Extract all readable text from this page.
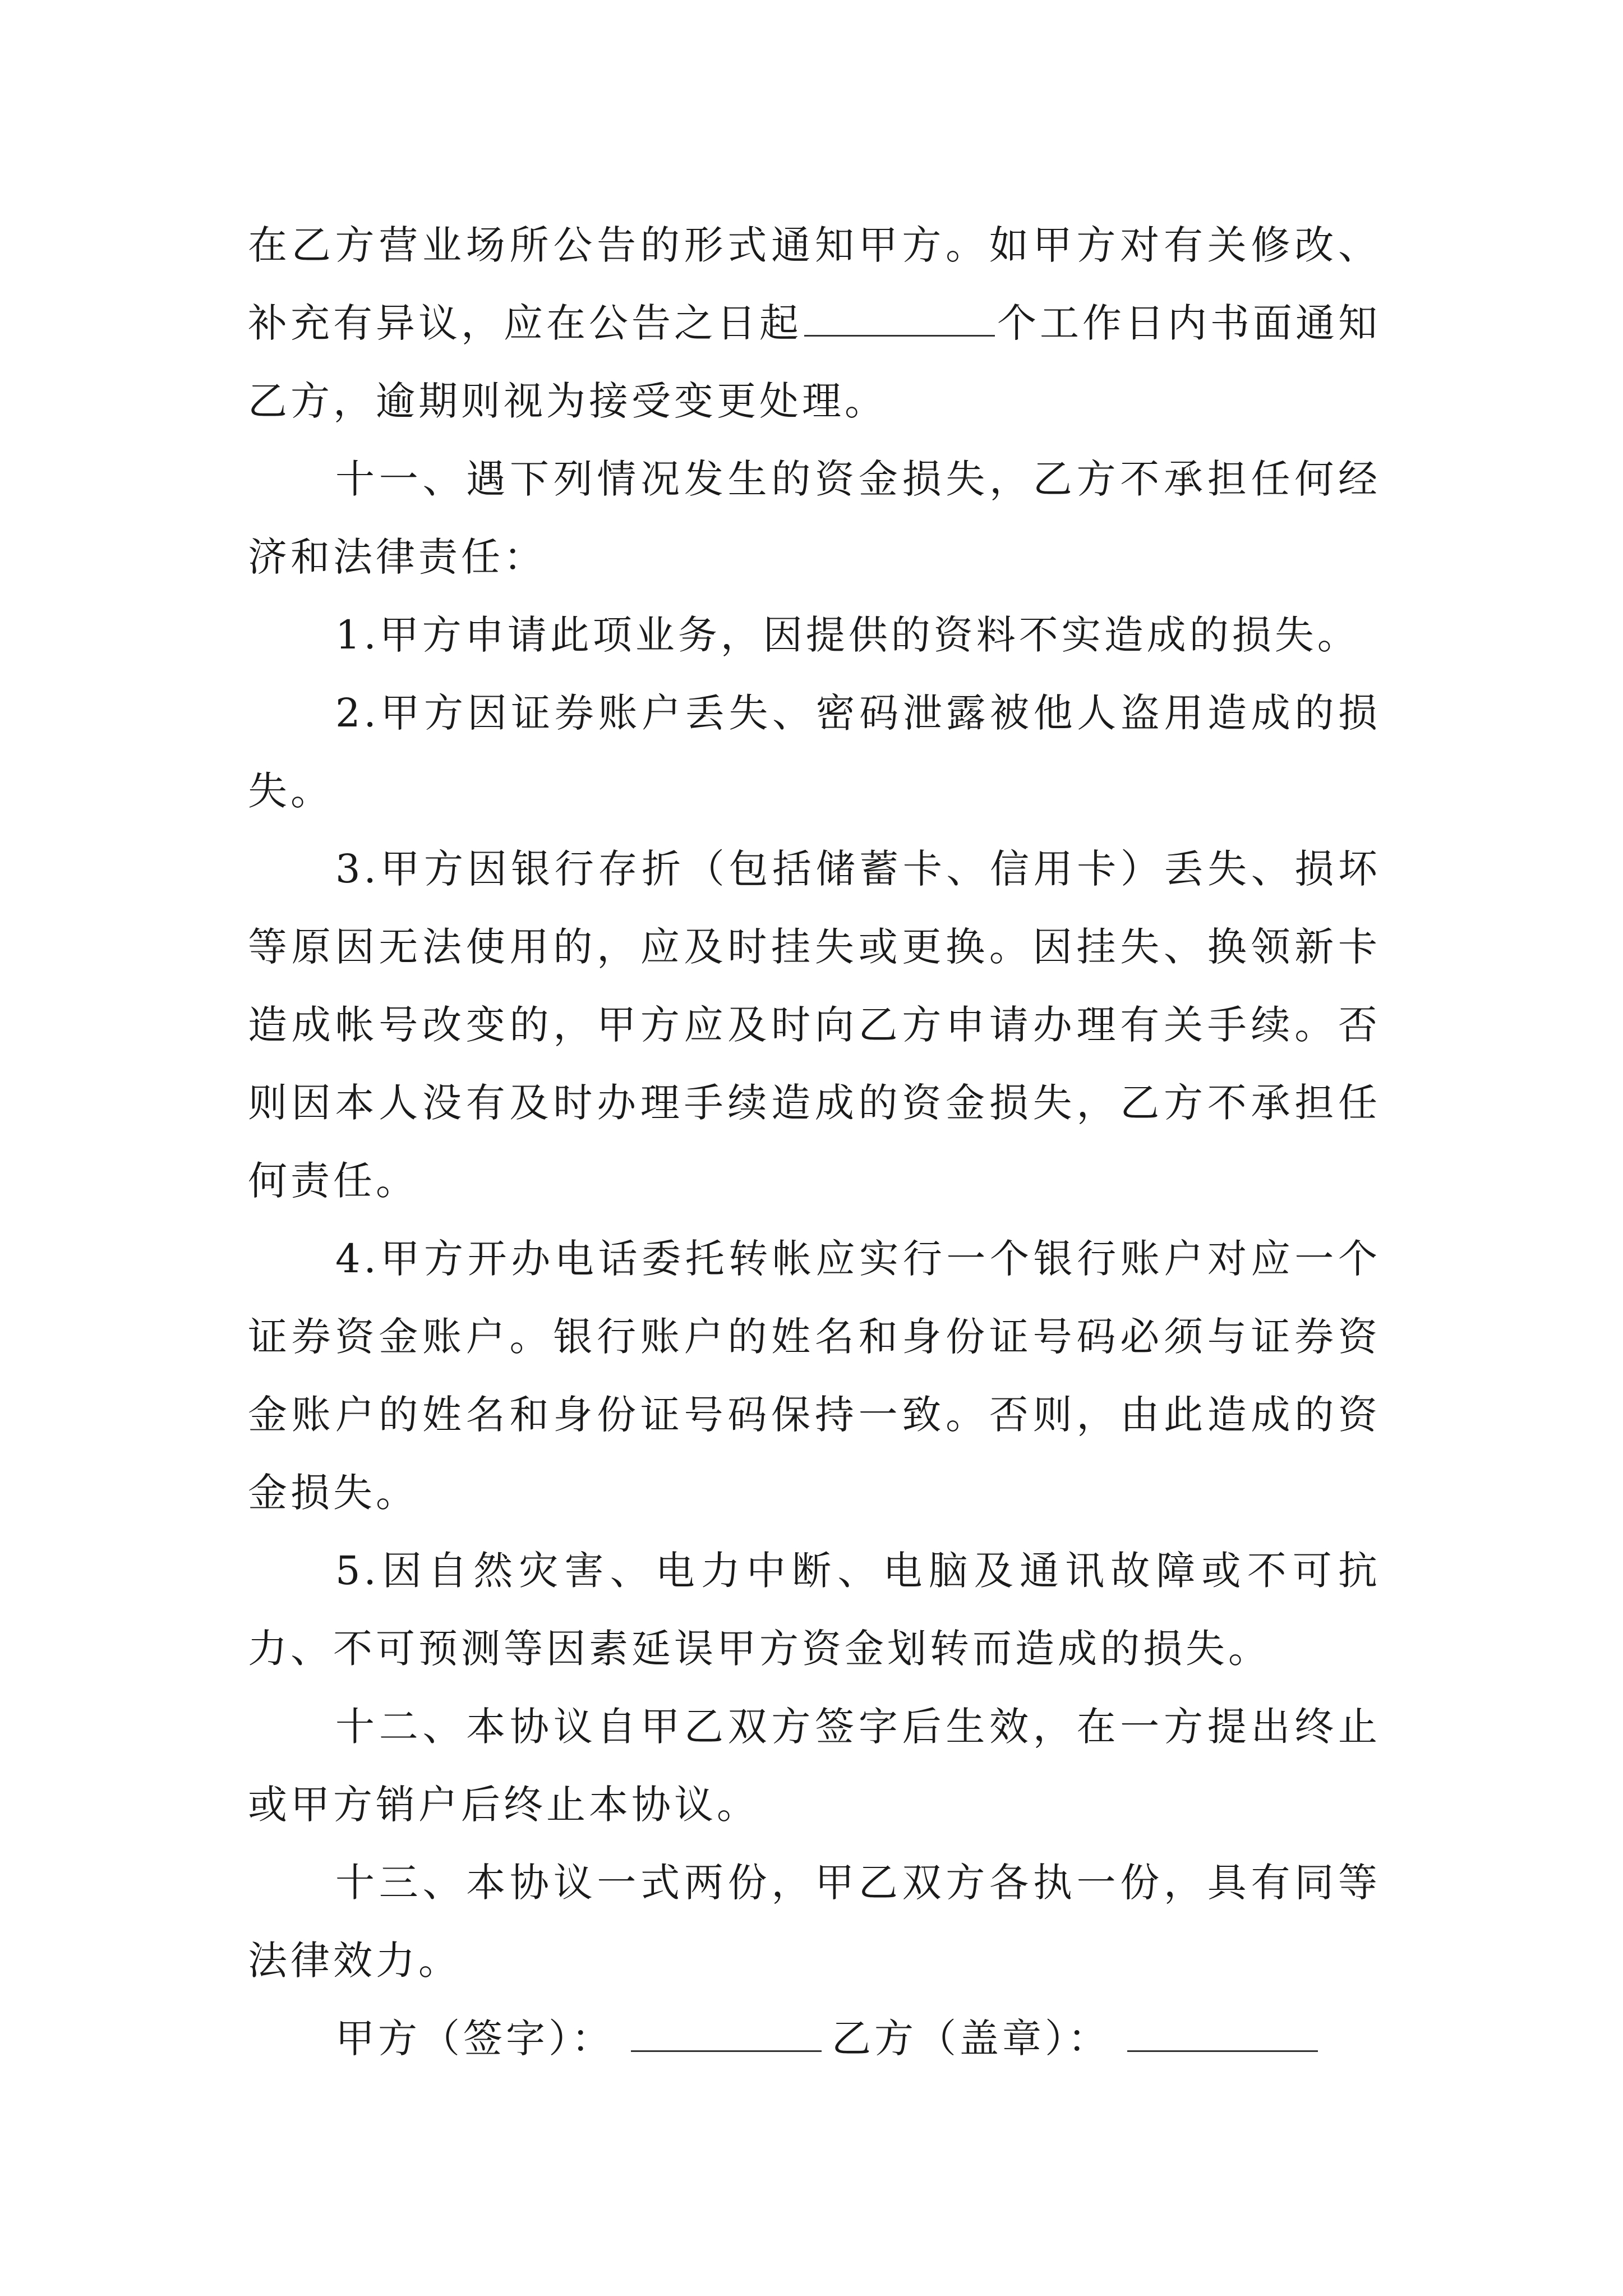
在乙方营业场所公告的形式通知甲方。如甲方对有关修改、补充有异议，应在公告之日起	个工作日内书面通知乙方，逾期则视为接受变更处理。

十一、遇下列情况发生的资金损失，乙方不承担任何经济和法律责任：

1.甲方申请此项业务，因提供的资料不实造成的损失。

2.甲方因证券账户丢失、密码泄露被他人盗用造成的损失。

3.甲方因银行存折（包括储蓄卡、信用卡）丢失、损坏等原因无法使用的，应及时挂失或更换。因挂失、换领新卡造成帐号改变的，甲方应及时向乙方申请办理有关手续。否则因本人没有及时办理手续造成的资金损失，乙方不承担任何责任。

4.甲方开办电话委托转帐应实行一个银行账户对应一个证券资金账户。银行账户的姓名和身份证号码必须与证券资金账户的姓名和身份证号码保持一致。否则，由此造成的资金损失。

5.因自然灾害、电力中断、电脑及通讯故障或不可抗力、不可预测等因素延误甲方资金划转而造成的损失。

十二、本协议自甲乙双方签字后生效，在一方提出终止或甲方销户后终止本协议。

十三、本协议一式两份，甲乙双方各执一份，具有同等法律效力。

甲方（签字）：	乙方（盖章）：
